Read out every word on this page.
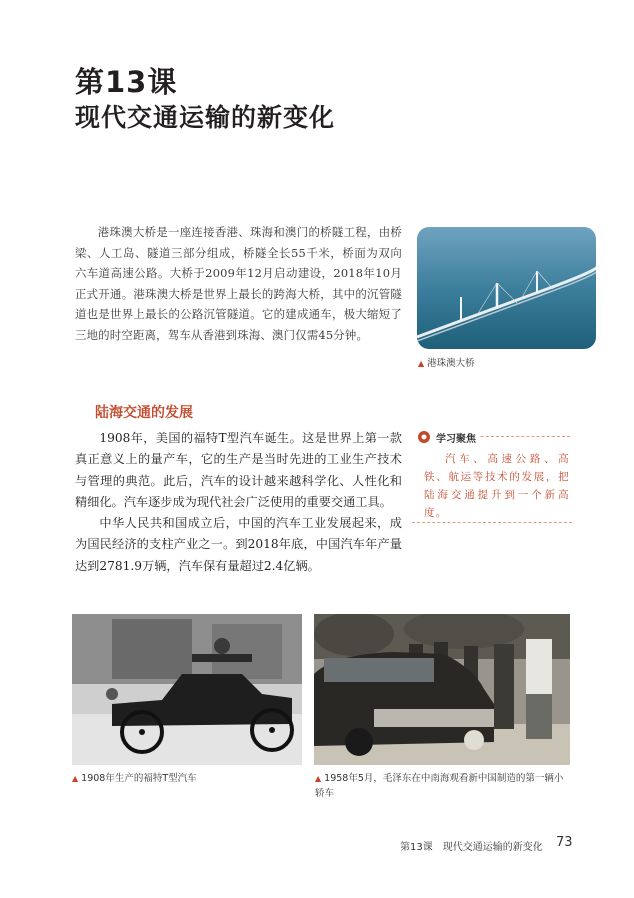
第13课
现代交通运输的新变化

港珠澳大桥是一座连接香港、珠海和澳门的桥隧工程，由桥梁、人工岛、隧道三部分组成，桥隧全长55千米，桥面为双向六车道高速公路。大桥于2009年12月启动建设，2018年10月正式开通。港珠澳大桥是世界上最长的跨海大桥，其中的沉管隧道也是世界上最长的公路沉管隧道。它的建成通车，极大缩短了三地的时空距离，驾车从香港到珠海、澳门仅需45分钟。

▲ 港珠澳大桥
陆海交通的发展

1908年，美国的福特T型汽车诞生。这是世界上第一款真正意义上的量产车，它的生产是当时先进的工业生产技术与管理的典范。此后，汽车的设计越来越科学化、人性化和精细化。汽车逐步成为现代社会广泛使用的重要交通工具。

中华人民共和国成立后，中国的汽车工业发展起来，成为国民经济的支柱产业之一。到2018年底，中国汽车年产量达到2781.9万辆，汽车保有量超过2.4亿辆。

学习聚焦
汽车、高速公路、高铁、航运等技术的发展，把陆海交通提升到一个新高度。
▲ 1908年生产的福特T型汽车	▲ 1958年5月，毛泽东在中南海观看新中国制造的第一辆小轿车
第13课　现代交通运输的新变化 73
